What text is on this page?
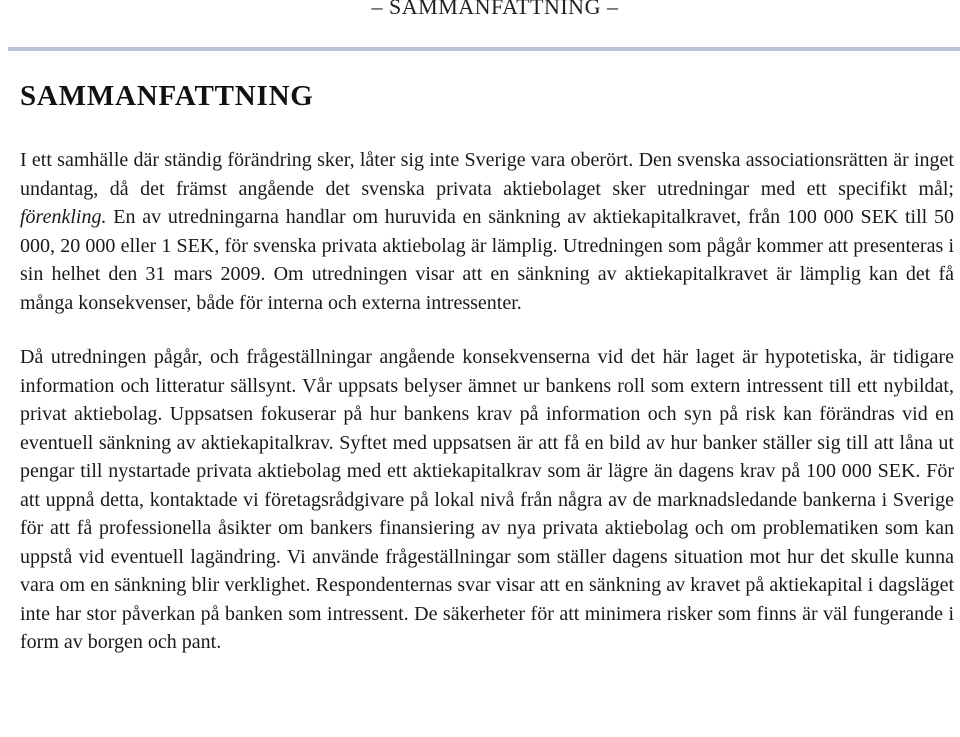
– SAMMANFATTNING –
SAMMANFATTNING

I ett samhälle där ständig förändring sker, låter sig inte Sverige vara oberört. Den svenska associationsrätten är inget undantag, då det främst angående det svenska privata aktiebolaget sker utredningar med ett specifikt mål; förenkling. En av utredningarna handlar om huruvida en sänkning av aktiekapitalkravet, från 100 000 SEK till 50 000, 20 000 eller 1 SEK, för svenska privata aktiebolag är lämplig. Utredningen som pågår kommer att presenteras i sin helhet den 31 mars 2009. Om utredningen visar att en sänkning av aktiekapitalkravet är lämplig kan det få många konsekvenser, både för interna och externa intressenter.

Då utredningen pågår, och frågeställningar angående konsekvenserna vid det här laget är hypotetiska, är tidigare information och litteratur sällsynt. Vår uppsats belyser ämnet ur bankens roll som extern intressent till ett nybildat, privat aktiebolag. Uppsatsen fokuserar på hur bankens krav på information och syn på risk kan förändras vid en eventuell sänkning av aktiekapitalkrav. Syftet med uppsatsen är att få en bild av hur banker ställer sig till att låna ut pengar till nystartade privata aktiebolag med ett aktiekapitalkrav som är lägre än dagens krav på 100 000 SEK. För att uppnå detta, kontaktade vi företagsrådgivare på lokal nivå från några av de marknadsledande bankerna i Sverige för att få professionella åsikter om bankers finansiering av nya privata aktiebolag och om problematiken som kan uppstå vid eventuell lagändring. Vi använde frågeställningar som ställer dagens situation mot hur det skulle kunna vara om en sänkning blir verklighet. Respondenternas svar visar att en sänkning av kravet på aktiekapital i dagsläget inte har stor påverkan på banken som intressent. De säkerheter för att minimera risker som finns är väl fungerande i form av borgen och pant.
